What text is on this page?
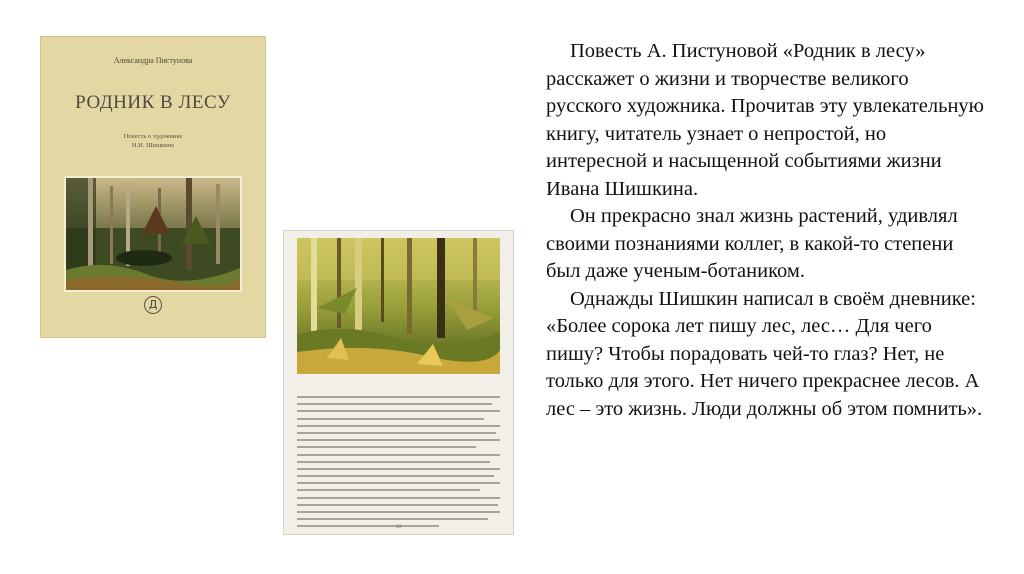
Александра Пистунова
РОДНИК В ЛЕСУ
Повесть о художнике
И.И. Шишкине
Д

23

Повесть А. Пистуновой «Родник в лесу» расскажет о жизни и творчестве великого русского художника. Прочитав эту увлекательную книгу, читатель узнает о непростой, но интересной и насыщенной событиями жизни Ивана Шишкина.

Он прекрасно знал жизнь растений, удивлял своими познаниями коллег, в какой-то степени был даже ученым-ботаником.

Однажды Шишкин написал в своём дневнике: «Более сорока лет пишу лес, лес… Для чего пишу? Чтобы порадовать чей-то глаз? Нет, не только для этого. Нет ничего прекраснее лесов. А лес – это жизнь. Люди должны об этом помнить».
